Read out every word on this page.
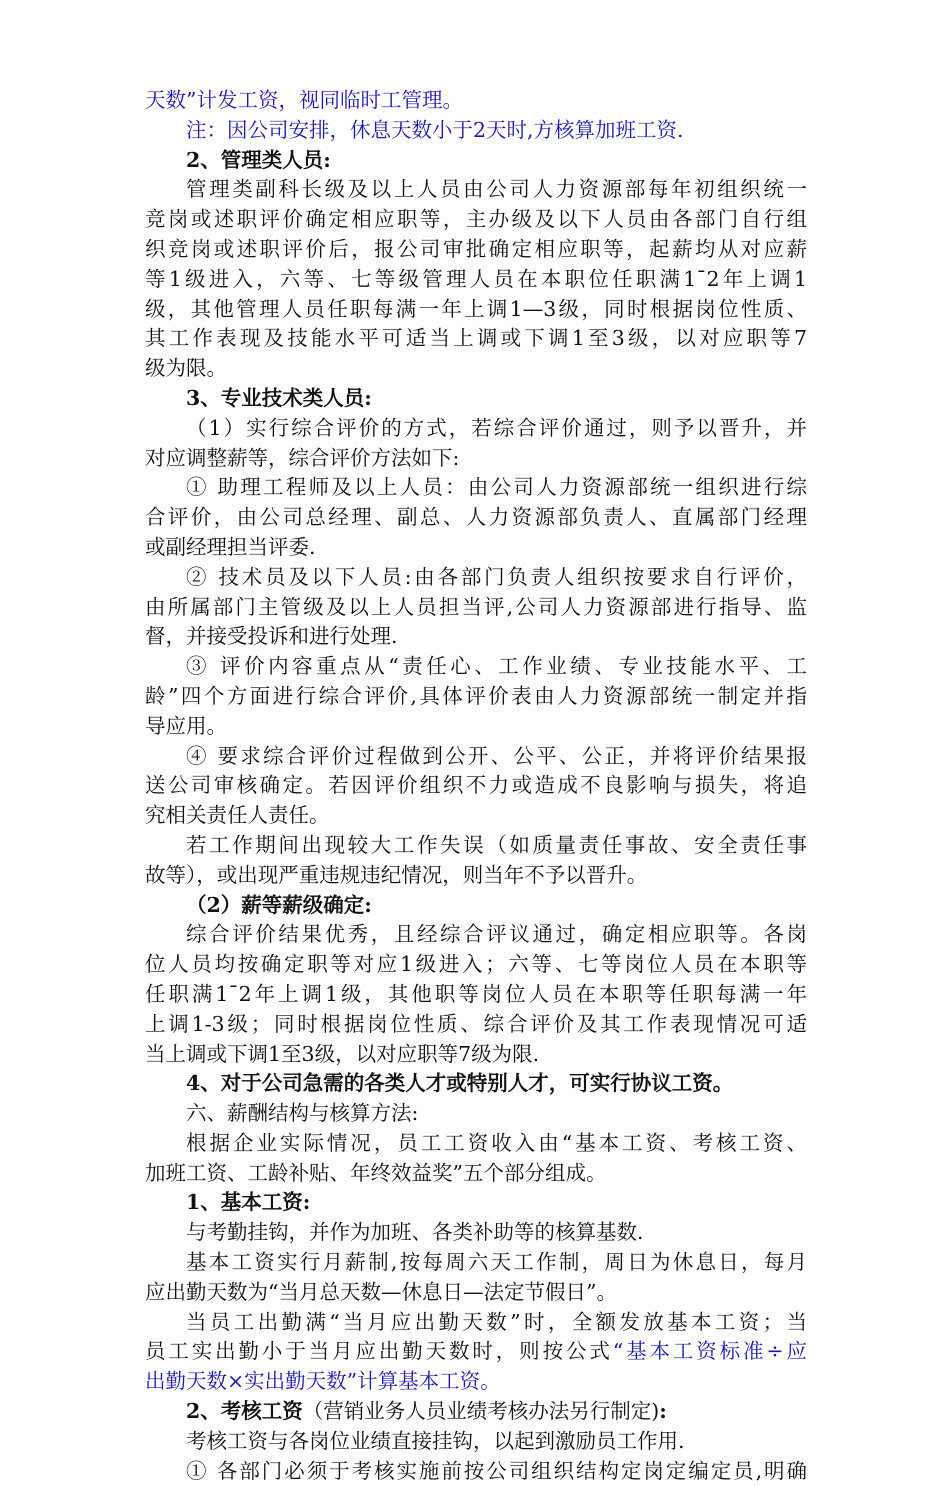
天数”计发工资，视同临时工管理。
注：因公司安排，休息天数小于2天时,方核算加班工资.
2、管理类人员:
管理类副科长级及以上人员由公司人力资源部每年初组织统一
竞岗或述职评价确定相应职等，主办级及以下人员由各部门自行组
织竞岗或述职评价后，报公司审批确定相应职等，起薪均从对应薪
等1级进入，六等、七等级管理人员在本职位任职满1ˉ2年上调1
级，其他管理人员任职每满一年上调1—3级，同时根据岗位性质、
其工作表现及技能水平可适当上调或下调1至3级，以对应职等7
级为限。
3、专业技术类人员:
（1）实行综合评价的方式，若综合评价通过，则予以晋升，并
对应调整薪等，综合评价方法如下:
① 助理工程师及以上人员：由公司人力资源部统一组织进行综
合评价，由公司总经理、副总、人力资源部负责人、直属部门经理
或副经理担当评委.
② 技术员及以下人员:由各部门负责人组织按要求自行评价，
由所属部门主管级及以上人员担当评,公司人力资源部进行指导、监
督，并接受投诉和进行处理.
③ 评价内容重点从“责任心、工作业绩、专业技能水平、工
龄”四个方面进行综合评价,具体评价表由人力资源部统一制定并指
导应用。
④ 要求综合评价过程做到公开、公平、公正，并将评价结果报
送公司审核确定。若因评价组织不力或造成不良影响与损失，将追
究相关责任人责任。
若工作期间出现较大工作失误（如质量责任事故、安全责任事
故等），或出现严重违规违纪情况，则当年不予以晋升。
（2）薪等薪级确定:
综合评价结果优秀，且经综合评议通过，确定相应职等。各岗
位人员均按确定职等对应1级进入；六等、七等岗位人员在本职等
任职满1ˉ2年上调1级，其他职等岗位人员在本职等任职每满一年
上调1-3级；同时根据岗位性质、综合评价及其工作表现情况可适
当上调或下调1至3级，以对应职等7级为限.
4、对于公司急需的各类人才或特别人才，可实行协议工资。
六、薪酬结构与核算方法:
根据企业实际情况，员工工资收入由“基本工资、考核工资、
加班工资、工龄补贴、年终效益奖”五个部分组成。
1、基本工资:
与考勤挂钩，并作为加班、各类补助等的核算基数.
基本工资实行月薪制,按每周六天工作制，周日为休息日，每月
应出勤天数为“当月总天数—休息日—法定节假日”。
当员工出勤满“当月应出勤天数”时，全额发放基本工资；当
员工实出勤小于当月应出勤天数时，则按公式“基本工资标准÷应
出勤天数×实出勤天数”计算基本工资。
2、考核工资（营销业务人员业绩考核办法另行制定):
考核工资与各岗位业绩直接挂钩，以起到激励员工作用.
① 各部门必须于考核实施前按公司组织结构定岗定编定员,明确
